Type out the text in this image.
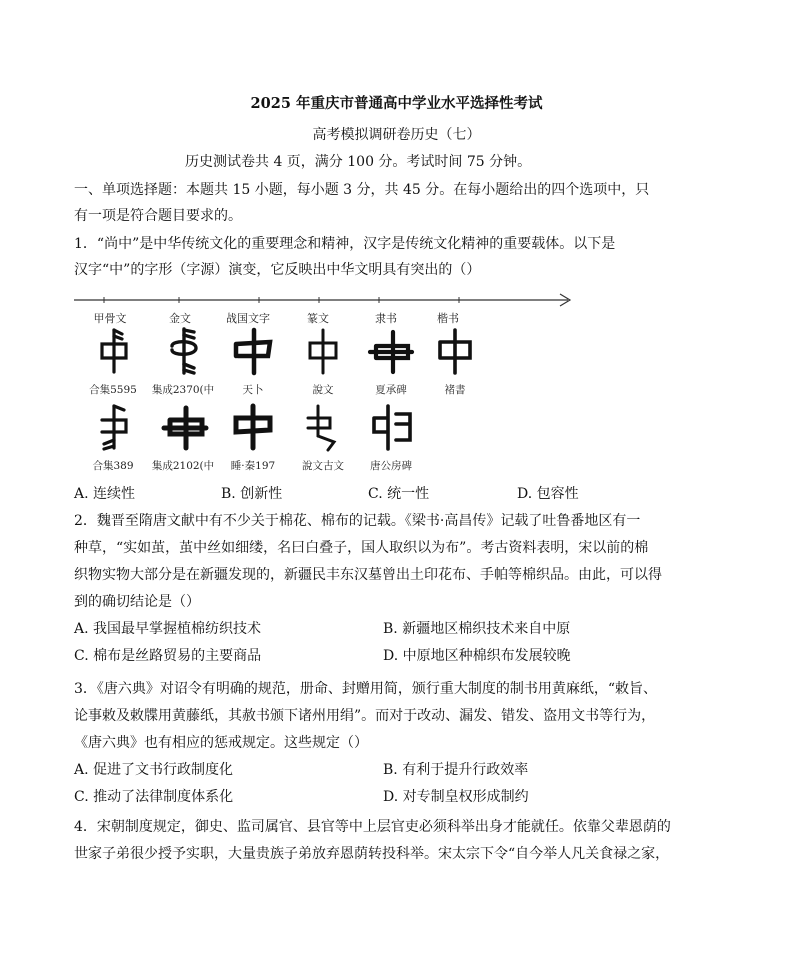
2025 年重庆市普通高中学业水平选择性考试
高考模拟调研卷历史（七）
历史测试卷共 4 页，满分 100 分。考试时间 75 分钟。
一、单项选择题：本题共 15 小题，每小题 3 分，共 45 分。在每小题给出的四个选项中，只
有一项是符合题目要求的。
1．“尚中”是中华传统文化的重要理念和精神，汉字是传统文化精神的重要载体。以下是
汉字“中”的字形（字源）演变，它反映出中华文明具有突出的（）
甲骨文	金文	战国文字	篆文	隶书	楷书
合集5595	集成2370(中	天卜	說文	夏承碑	褚書
合集389	集成2102(中	睡·秦197	說文古文	唐公房碑
A. 连续性	B. 创新性	C. 统一性	D. 包容性
2．魏晋至隋唐文献中有不少关于棉花、棉布的记载。《梁书·高昌传》记载了吐鲁番地区有一
种草，“实如茧，茧中丝如细缕，名曰白叠子，国人取织以为布”。考古资料表明，宋以前的棉
织物实物大部分是在新疆发现的，新疆民丰东汉墓曾出土印花布、手帕等棉织品。由此，可以得
到的确切结论是（）
A. 我国最早掌握植棉纺织技术	B. 新疆地区棉织技术来自中原
C. 棉布是丝路贸易的主要商品	D. 中原地区种棉织布发展较晚
3．《唐六典》对诏令有明确的规范，册命、封赠用简，颁行重大制度的制书用黄麻纸，“敕旨、
论事敕及敕牒用黄藤纸，其赦书颁下诸州用绢”。而对于改动、漏发、错发、盗用文书等行为，
《唐六典》也有相应的惩戒规定。这些规定（）
A. 促进了文书行政制度化	B. 有利于提升行政效率
C. 推动了法律制度体系化	D. 对专制皇权形成制约
4．宋朝制度规定，御史、监司属官、县官等中上层官吏必须科举出身才能就任。依靠父辈恩荫的
世家子弟很少授予实职，大量贵族子弟放弃恩荫转投科举。宋太宗下令“自今举人凡关食禄之家，
